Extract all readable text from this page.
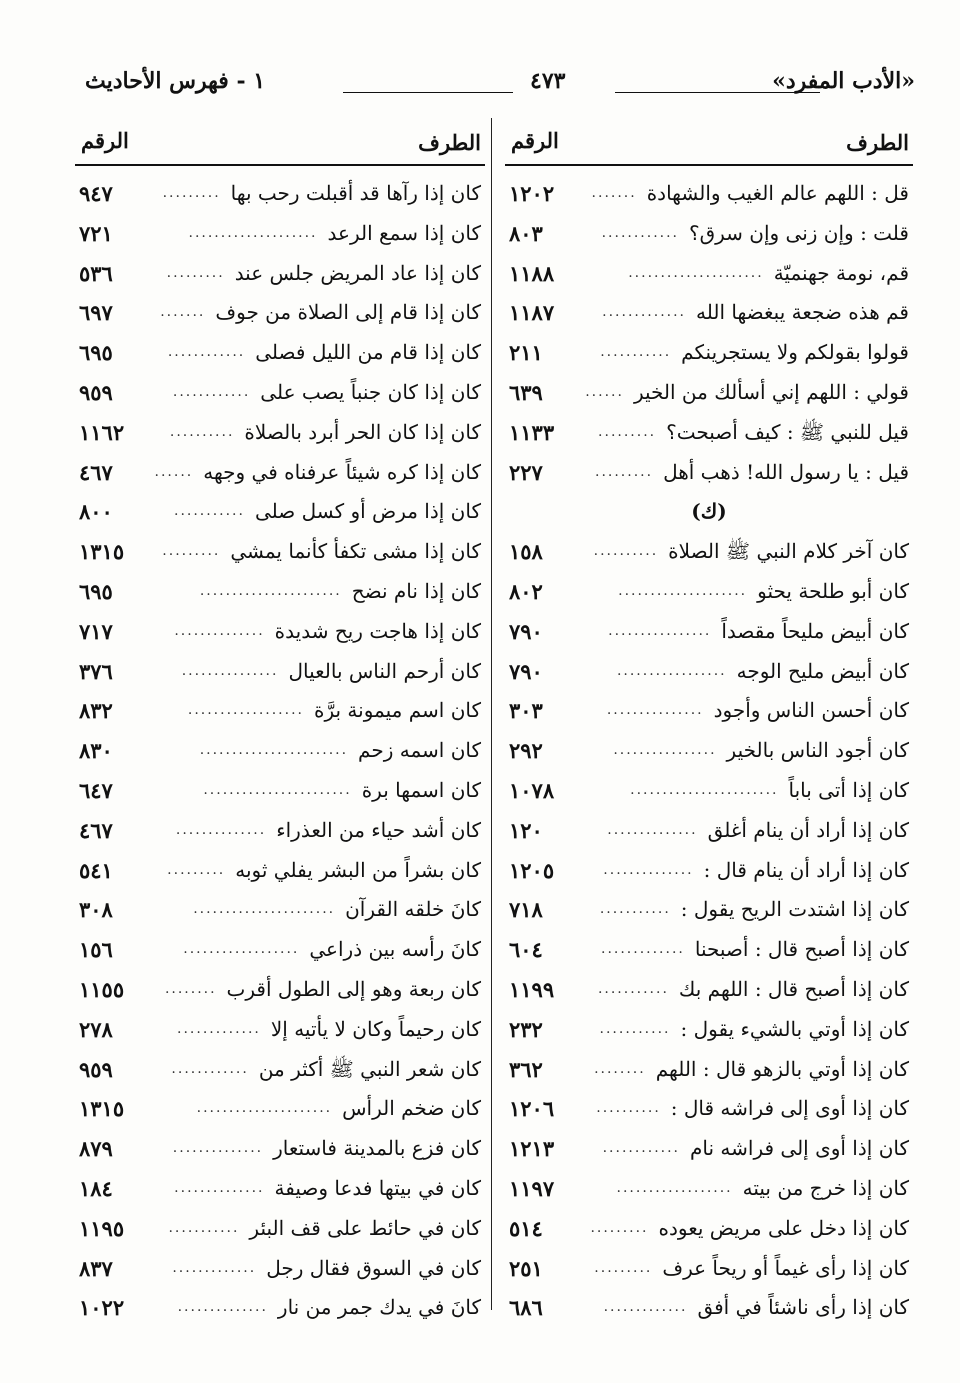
«الأدب المفرد»
٤٧٣
١ - فهرس الأحاديث
الطرف
الرقم
قل : اللهم عالم الغيب والشهادة
.......
١٢٠٢
قلت : وإن زنى وإن سرق؟
............
٨٠٣
قم، نومة جهنميّة
.....................
١١٨٨
قم هذه ضجعة يبغضها الله
.............
١١٨٧
قولوا بقولكم ولا يستجرينكم
...........
٢١١
قولي : اللهم إني أسألك من الخير
......
٦٣٩
قيل للنبي ﷺ : كيف أصبحت؟
.........
١١٣٣
قيل : يا رسول الله! ذهب أهل
.........
٢٢٧
(ك)
كان آخر كلام النبي ﷺ الصلاة
..........
١٥٨
كان أبو طلحة يحثو
....................
٨٠٢
كان أبيض مليحاً مقصداً
................
٧٩٠
كان أبيض مليح الوجه
.................
٧٩٠
كان أحسن الناس وأجود
...............
٣٠٣
كان أجود الناس بالخير
................
٢٩٢
كان إذا أتى باباً
.......................
١٠٧٨
كان إذا أراد أن ينام أغلق
..............
١٢٠
كان إذا أراد أن ينام قال :
..............
١٢٠٥
كان إذا اشتدت الريح يقول :
...........
٧١٨
كان إذا أصبح قال : أصبحنا
.............
٦٠٤
كان إذا أصبح قال : اللهم بك
...........
١١٩٩
كان إذا أوتي بالشيء يقول :
...........
٢٣٢
كان إذا أوتي بالزهو قال : اللهم
........
٣٦٢
كان إذا أوى إلى فراشه قال :
..........
١٢٠٦
كان إذا أوى إلى فراشه نام
............
١٢١٣
كان إذا خرج من بيته
..................
١١٩٧
كان إذا دخل على مريض يعوده
.........
٥١٤
كان إذا رأى غيماً أو ريحاً عرف
.........
٢٥١
كان إذا رأى ناشئاً في أفق
.............
٦٨٦
الطرف
الرقم
كان إذا رآها قد أقبلت رحب بها
.........
٩٤٧
كان إذا سمع الرعد
....................
٧٢١
كان إذا عاد المريض جلس عند
.........
٥٣٦
كان إذا قام إلى الصلاة من جوف
.......
٦٩٧
كان إذا قام من الليل فصلى
............
٦٩٥
كان إذا كان جنباً يصب على
............
٩٥٩
كان إذا كان الحر أبرد بالصلاة
..........
١١٦٢
كان إذا كره شيئاً عرفناه في وجهه
......
٤٦٧
كان إذا مرض أو كسل صلى
...........
٨٠٠
كان إذا مشى تكفأ كأنما يمشي
.........
١٣١٥
كان إذا نام نضح
......................
٦٩٥
كان إذا هاجت ريح شديدة
..............
٧١٧
كان أرحم الناس بالعيال
...............
٣٧٦
كان اسم ميمونة برَّة
..................
٨٣٢
كان اسمه زحم
.......................
٨٣٠
كان اسمها برة
.......................
٦٤٧
كان أشد حياء من العذراء
..............
٤٦٧
كان بشراً من البشر يفلي ثوبه
.........
٥٤١
كانَ خلقه القرآن
......................
٣٠٨
كانَ رأسه بين ذراعي
..................
١٥٦
كان ربعة وهو إلى الطول أقرب
........
١١٥٥
كان رحيماً وكان لا يأتيه إلا
.............
٢٧٨
كان شعر النبي ﷺ أكثر من
............
٩٥٩
كان ضخم الرأس
.....................
١٣١٥
كان فزع بالمدينة فاستعار
..............
٨٧٩
كان في بيتها فدعا وصيفة
..............
١٨٤
كان في حائط على قف البئر
...........
١١٩٥
كان في السوق فقال رجل
.............
٨٣٧
كانَ في يدك جمر من نار
..............
١٠٢٢
